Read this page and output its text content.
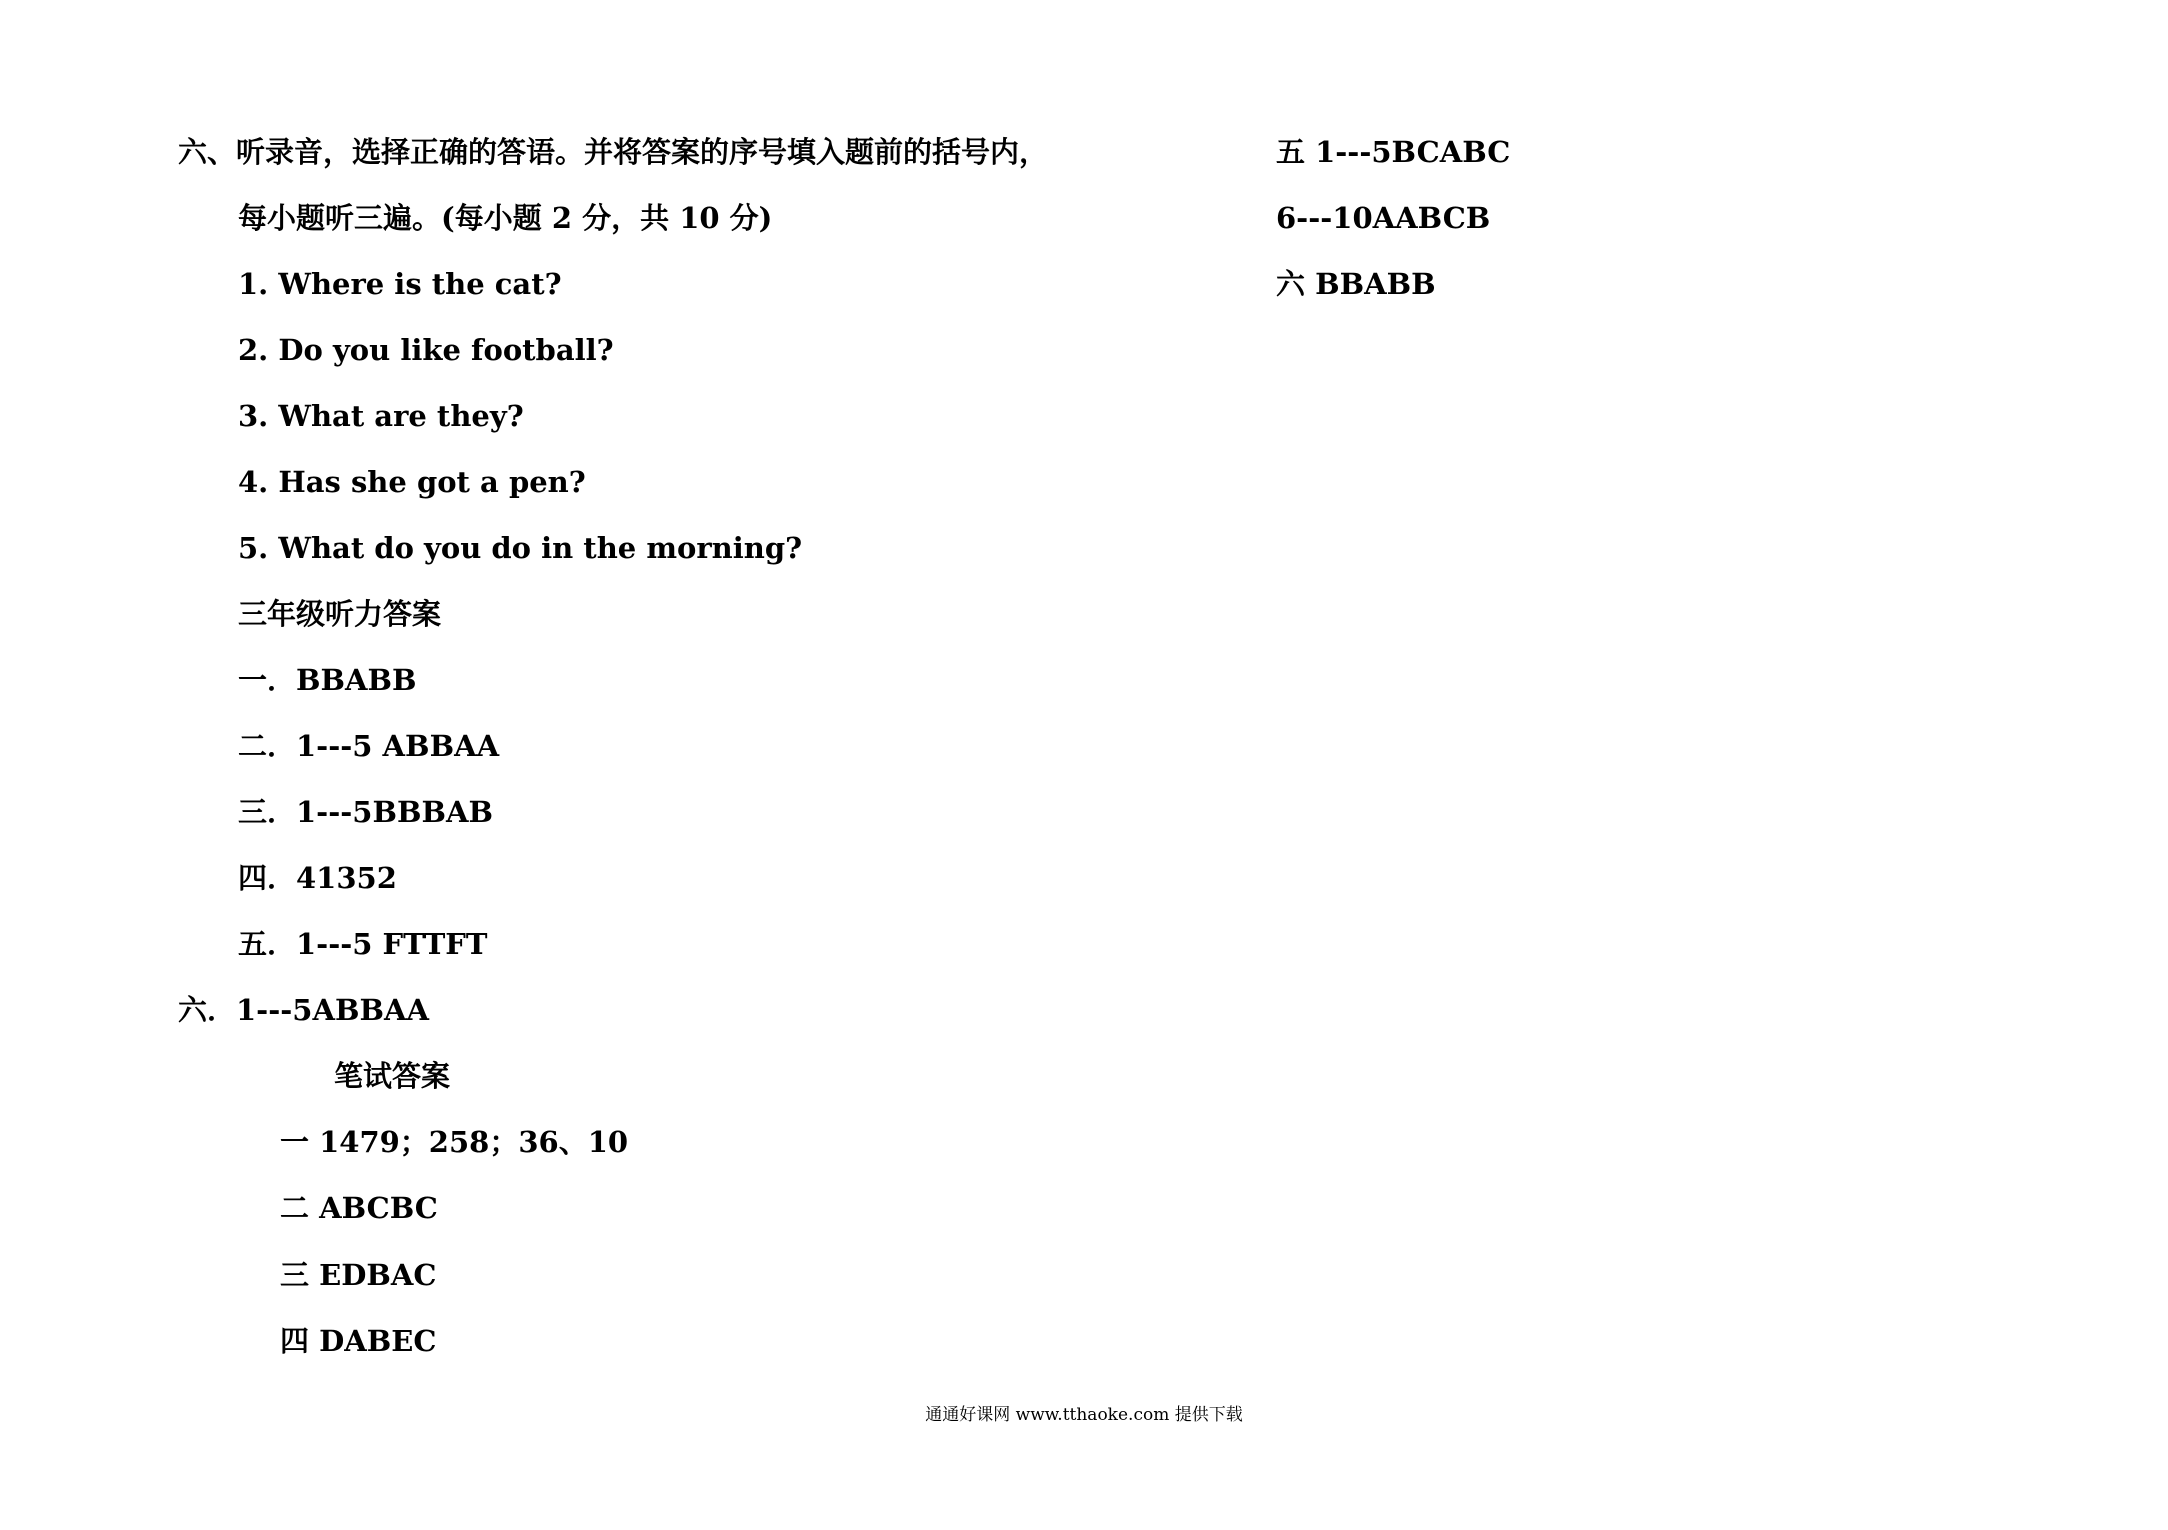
六、听录音，选择正确的答语。并将答案的序号填入题前的括号内，
每小题听三遍。(每小题 2 分，共 10 分)
1. Where is the cat?
2. Do you like football?
3. What are they?
4. Has she got a pen?
5. What do you do in the morning?
三年级听力答案
一．BBABB
二．1---5 ABBAA
三．1---5BBBAB
四．41352
五．1---5 FTTFT
六．1---5ABBAA
笔试答案
一 1479；258；36、10
二 ABCBC
三 EDBAC
四 DABEC
五 1---5BCABC
6---10AABCB
六 BBABB
通通好课网 www.tthaoke.com 提供下载
